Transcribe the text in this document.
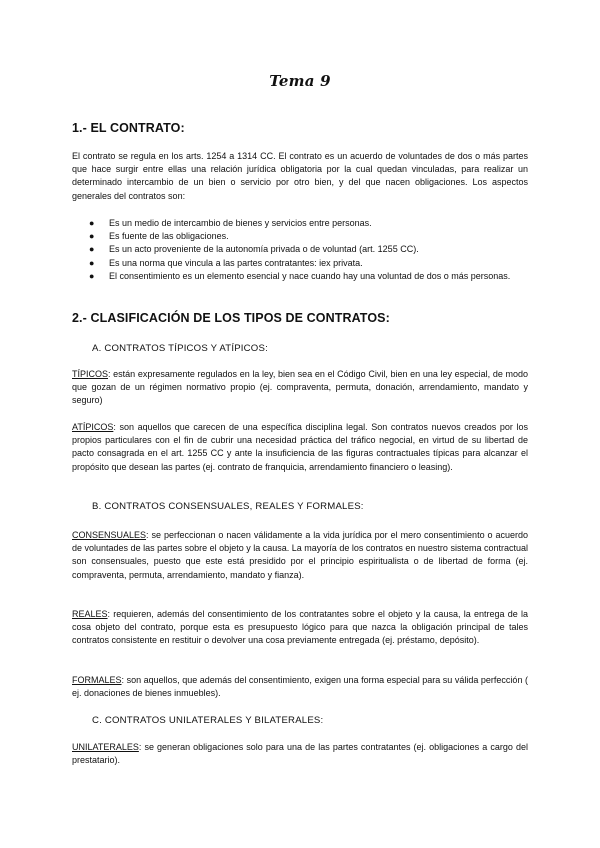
Tema 9
1.- EL CONTRATO:

El contrato se regula en los arts. 1254 a 1314 CC. El contrato es un acuerdo de voluntades de dos o más partes que hace surgir entre ellas una relación jurídica obligatoria por la cual quedan vinculadas, para realizar un determinado intercambio de un bien o servicio por otro bien, y del que nacen obligaciones. Los aspectos generales del contratos son:

● Es un medio de intercambio de bienes y servicios entre personas.
● Es fuente de las obligaciones.
● Es un acto proveniente de la autonomía privada o de voluntad (art. 1255 CC).
● Es una norma que vincula a las partes contratantes: iex privata.
● El consentimiento es un elemento esencial y nace cuando hay una voluntad de dos o más personas.
2.- CLASIFICACIÓN DE LOS TIPOS DE CONTRATOS:
A. CONTRATOS TÍPICOS Y ATÍPICOS:

TÍPICOS: están expresamente regulados en la ley, bien sea en el Código Civil, bien en una ley especial, de modo que gozan de un régimen normativo propio (ej. compraventa, permuta, donación, arrendamiento, mandato y seguro)

ATÍPICOS: son aquellos que carecen de una específica disciplina legal. Son contratos nuevos creados por los propios particulares con el fin de cubrir una necesidad práctica del tráfico negocial, en virtud de su libertad de pacto consagrada en el art. 1255 CC y ante la insuficiencia de las figuras contractuales típicas para alcanzar el propósito que desean las partes (ej. contrato de franquicia, arrendamiento financiero o leasing).

B. CONTRATOS CONSENSUALES, REALES Y FORMALES:

CONSENSUALES: se perfeccionan o nacen válidamente a la vida jurídica por el mero consentimiento o acuerdo de voluntades de las partes sobre el objeto y la causa. La mayoría de los contratos en nuestro sistema contractual son consensuales, puesto que este está presidido por el principio espiritualista o de libertad de forma (ej. compraventa, permuta, arrendamiento, mandato y fianza).

REALES: requieren, además del consentimiento de los contratantes sobre el objeto y la causa, la entrega de la cosa objeto del contrato, porque esta es presupuesto lógico para que nazca la obligación principal de tales contratos consistente en restituir o devolver una cosa previamente entregada (ej. préstamo, depósito).

FORMALES: son aquellos, que además del consentimiento, exigen una forma especial para su válida perfección ( ej. donaciones de bienes inmuebles).

C. CONTRATOS UNILATERALES Y BILATERALES:

UNILATERALES: se generan obligaciones solo para una de las partes contratantes (ej. obligaciones a cargo del prestatario).
